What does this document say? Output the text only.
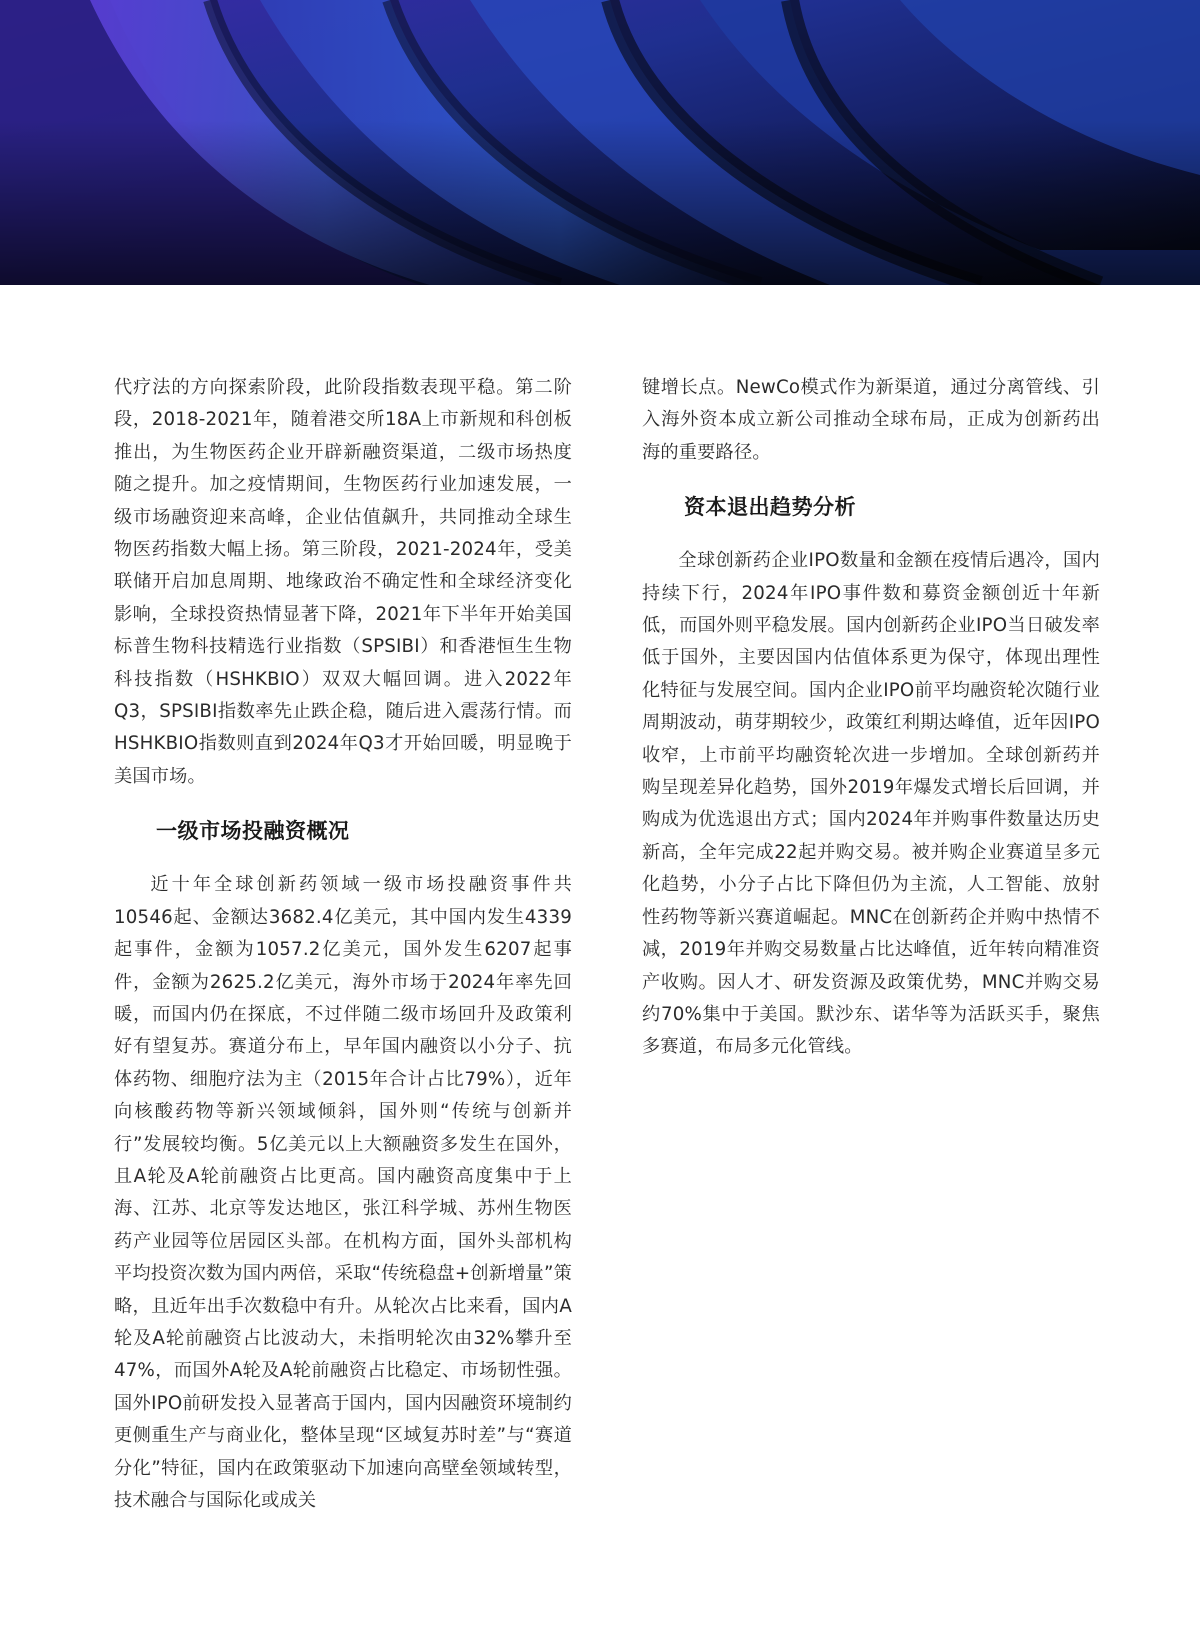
代疗法的方向探索阶段，此阶段指数表现平稳。第二阶段，2018-2021年，随着港交所18A上市新规和科创板推出，为生物医药企业开辟新融资渠道，二级市场热度随之提升。加之疫情期间，生物医药行业加速发展，一级市场融资迎来高峰，企业估值飙升，共同推动全球生物医药指数大幅上扬。第三阶段，2021-2024年，受美联储开启加息周期、地缘政治不确定性和全球经济变化影响，全球投资热情显著下降，2021年下半年开始美国标普生物科技精选行业指数（SPSIBI）和香港恒生生物科技指数（HSHKBIO）双双大幅回调。进入2022年Q3，SPSIBI指数率先止跌企稳，随后进入震荡行情。而HSHKBIO指数则直到2024年Q3才开始回暖，明显晚于美国市场。

一级市场投融资概况

近十年全球创新药领域一级市场投融资事件共10546起、金额达3682.4亿美元，其中国内发生4339起事件，金额为1057.2亿美元，国外发生6207起事件，金额为2625.2亿美元，海外市场于2024年率先回暖，而国内仍在探底，不过伴随二级市场回升及政策利好有望复苏。赛道分布上，早年国内融资以小分子、抗体药物、细胞疗法为主（2015年合计占比79%），近年向核酸药物等新兴领域倾斜，国外则“传统与创新并行”发展较均衡。5亿美元以上大额融资多发生在国外，且A轮及A轮前融资占比更高。国内融资高度集中于上海、江苏、北京等发达地区，张江科学城、苏州生物医药产业园等位居园区头部。在机构方面，国外头部机构平均投资次数为国内两倍，采取“传统稳盘+创新增量”策略，且近年出手次数稳中有升。从轮次占比来看，国内A轮及A轮前融资占比波动大，未指明轮次由32%攀升至47%，而国外A轮及A轮前融资占比稳定、市场韧性强。国外IPO前研发投入显著高于国内，国内因融资环境制约更侧重生产与商业化，整体呈现“区域复苏时差”与“赛道分化”特征，国内在政策驱动下加速向高壁垒领域转型，技术融合与国际化或成关

键增长点。NewCo模式作为新渠道，通过分离管线、引入海外资本成立新公司推动全球布局，正成为创新药出海的重要路径。

资本退出趋势分析

全球创新药企业IPO数量和金额在疫情后遇冷，国内持续下行，2024年IPO事件数和募资金额创近十年新低，而国外则平稳发展。国内创新药企业IPO当日破发率低于国外，主要因国内估值体系更为保守，体现出理性化特征与发展空间。国内企业IPO前平均融资轮次随行业周期波动，萌芽期较少，政策红利期达峰值，近年因IPO收窄，上市前平均融资轮次进一步增加。全球创新药并购呈现差异化趋势，国外2019年爆发式增长后回调，并购成为优选退出方式；国内2024年并购事件数量达历史新高，全年完成22起并购交易。被并购企业赛道呈多元化趋势，小分子占比下降但仍为主流，人工智能、放射性药物等新兴赛道崛起。MNC在创新药企并购中热情不减，2019年并购交易数量占比达峰值，近年转向精准资产收购。因人才、研发资源及政策优势，MNC并购交易约70%集中于美国。默沙东、诺华等为活跃买手，聚焦多赛道，布局多元化管线。
